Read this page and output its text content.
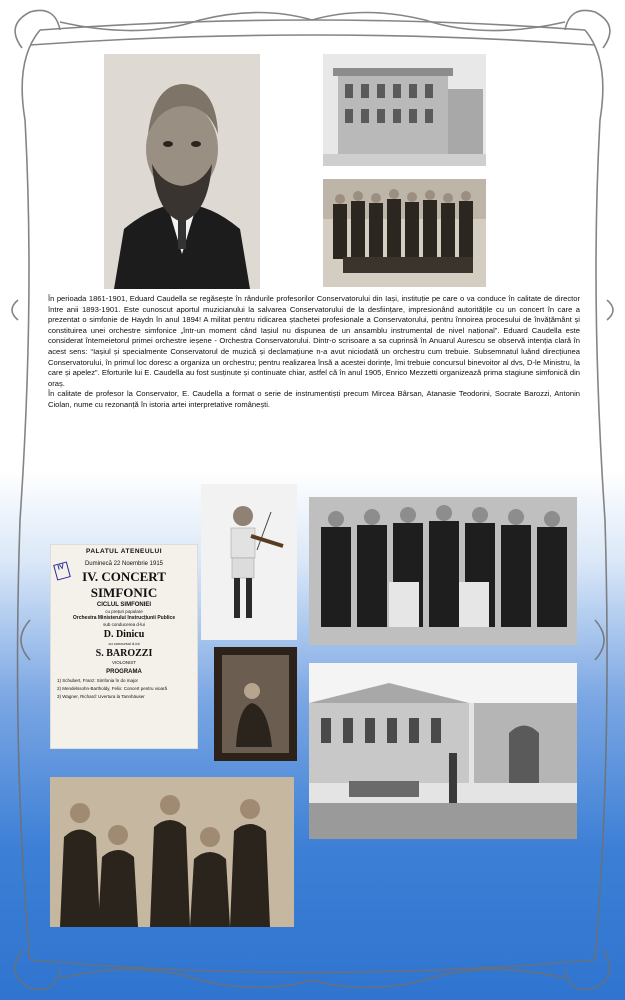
În perioada 1861-1901, Eduard Caudella se regăsește în rândurile profesorilor Conservatorului din Iași, instituție pe care o va conduce în calitate de director între anii 1893-1901. Este cunoscut aportul muzicianului la salvarea Conservatorului de la desființare, impresionând autoritățile cu un concert în care a prezentat o simfonie de Haydn în anul 1894! A militat pentru ridicarea ștachetei profesionale a Conservatorului, pentru înnoirea procesului de învățământ și constituirea unei orchestre simfonice „într-un moment când Iașiul nu dispunea de un ansamblu instrumental de nivel național”. Eduard Caudella este considerat întemeietorul primei orchestre ieșene - Orchestra Conservatorului. Dintr-o scrisoare a sa cuprinsă în Anuarul Aurescu se observă intenția clară în acest sens: “Iașiul și specialmente Conservatorul de muzică și declamațiune n-a avut niciodată un orchestru cum trebuie. Subsemnatul luând direcțiunea Conservatorului, în primul loc doresc a organiza un orchestru; pentru realizarea însă a acestei dorințe, îmi trebuie concursul binevoitor al dvs, D-le Ministru, la care și apelez”. Eforturile lui E. Caudella au fost susținute și continuate chiar, astfel că în anul 1905, Enrico Mezzetti organizează prima stagiune simfonică din oraș.

În calitate de profesor la Conservator, E. Caudella a format o serie de instrumentiști precum Mircea Bârsan, Atanasie Teodorini, Socrate Barozzi, Antonin Ciolan, nume cu rezonanță în istoria artei interpretative românești.

PALATUL ATENEULUI
Duminecă 22 Noembrie 1915
IV
IV. CONCERT SIMFONIC
CICLUL SIMFONIEI
cu prețuri populare
Orchestra Ministerului Instrucțiunii Publice
sub conducerea d-lui
D. Dinicu
cu concursul d-lui
S. BAROZZI
VIOLONIST
PROGRAMA
1) Schubert, Franz: Simfonia în do major
2) Mendelssohn-Bartholdy, Felix: Concert pentru vioară
3) Wagner, Richard: Uvertura la Tannhäuser
